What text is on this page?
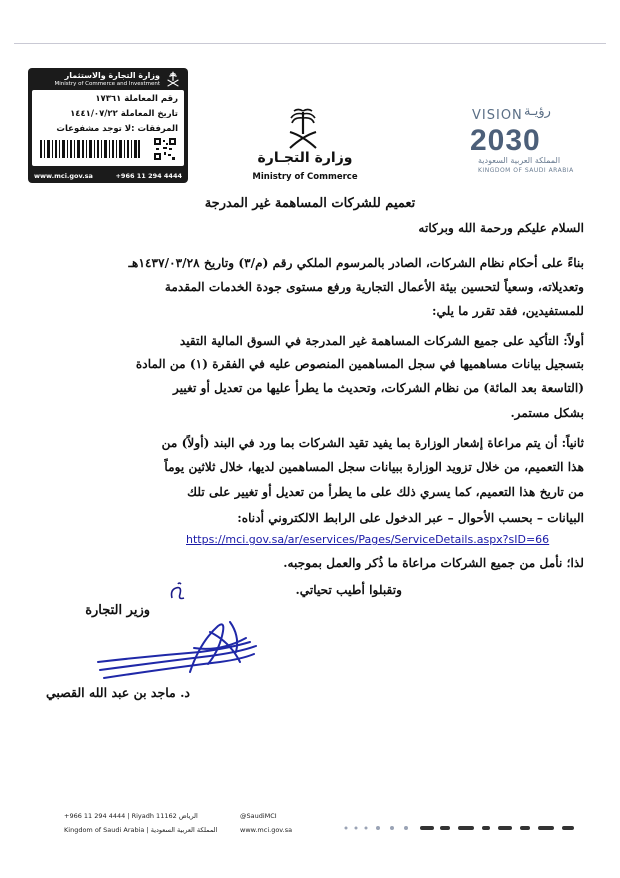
وزارة التجارة والاستثمار
Ministry of Commerce and Investment
رقم المعاملة ١٧٣٦١
تاريخ المعاملة ١٤٤١/٠٧/٢٢
المرفقات :لا توجد مشفوعات
www.mci.gov.sa	+966 11 294 4444
وزارة التجـارة
Ministry of Commerce
VISION رؤيـة
2030
المملكة العربية السعودية
KINGDOM OF SAUDI ARABIA
تعميم للشركات المساهمة غير المدرجة
السلام عليكم ورحمة الله وبركاته
بناءً على أحكام نظام الشركات، الصادر بالمرسوم الملكي رقم (م/٣) وتاريخ ١٤٣٧/٠٣/٢٨هـ
وتعديلاته، وسعياً لتحسين بيئة الأعمال التجارية ورفع مستوى جودة الخدمات المقدمة
للمستفيدين، فقد تقرر ما يلي:
أولاً: التأكيد على جميع الشركات المساهمة غير المدرجة في السوق المالية التقيد
بتسجيل بيانات مساهميها في سجل المساهمين المنصوص عليه في الفقرة (١) من المادة
(التاسعة بعد المائة) من نظام الشركات، وتحديث ما يطرأ عليها من تعديل أو تغيير
بشكل مستمر.
ثانياً: أن يتم مراعاة إشعار الوزارة بما يفيد تقيد الشركات بما ورد في البند (أولاً) من
هذا التعميم، من خلال تزويد الوزارة ببيانات سجل المساهمين لديها، خلال ثلاثين يوماً
من تاريخ هذا التعميم، كما يسري ذلك على ما يطرأ من تعديل أو تغيير على تلك
البيانات – بحسب الأحوال – عبر الدخول على الرابط الالكتروني أدناه:
https://mci.gov.sa/ar/eservices/Pages/ServiceDetails.aspx?sID=66
لذا؛ نأمل من جميع الشركات مراعاة ما ذُكر والعمل بموجبه.
وتقبلوا أطيب تحياتي.
وزير التجارة
د. ماجد بن عبد الله القصبي
+966 11 294 4444 | Riyadh 11162 الرياض
Kingdom of Saudi Arabia | المملكة العربية السعودية
@SaudiMCI
www.mci.gov.sa
